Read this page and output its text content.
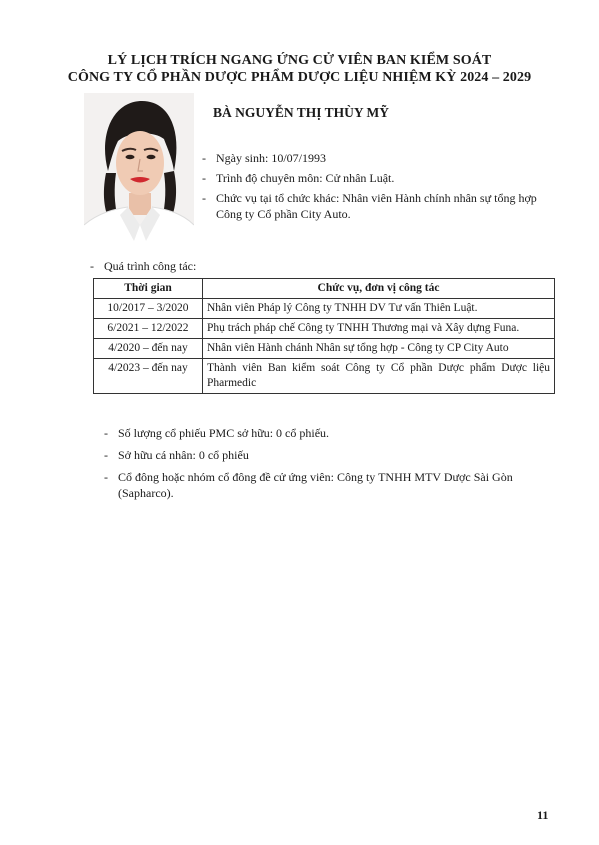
LÝ LỊCH TRÍCH NGANG ỨNG CỬ VIÊN BAN KIỂM SOÁT
CÔNG TY CỔ PHẦN DƯỢC PHẨM DƯỢC LIỆU NHIỆM KỲ 2024 – 2029
BÀ NGUYỄN THỊ THÙY MỸ
- Ngày sinh: 10/07/1993
- Trình độ chuyên môn: Cử nhân Luật.
- Chức vụ tại tổ chức khác: Nhân viên Hành chính nhân sự tổng hợp Công ty Cổ phần City Auto.
- Quá trình công tác:
Thời gian	Chức vụ, đơn vị công tác
10/2017 – 3/2020	Nhân viên Pháp lý Công ty TNHH DV Tư vấn Thiên Luật.
6/2021 – 12/2022	Phụ trách pháp chế Công ty TNHH Thương mại và Xây dựng Funa.
4/2020 – đến nay	Nhân viên Hành chánh Nhân sự tổng hợp - Công ty CP City Auto
4/2023 – đến nay	Thành viên Ban kiểm soát Công ty Cổ phần Dược phẩm Dược liệu Pharmedic
- Số lượng cổ phiếu PMC sở hữu: 0 cổ phiếu.
- Sở hữu cá nhân: 0 cổ phiếu
- Cổ đông hoặc nhóm cổ đông đề cử ứng viên: Công ty TNHH MTV Dược Sài Gòn (Sapharco).
11
